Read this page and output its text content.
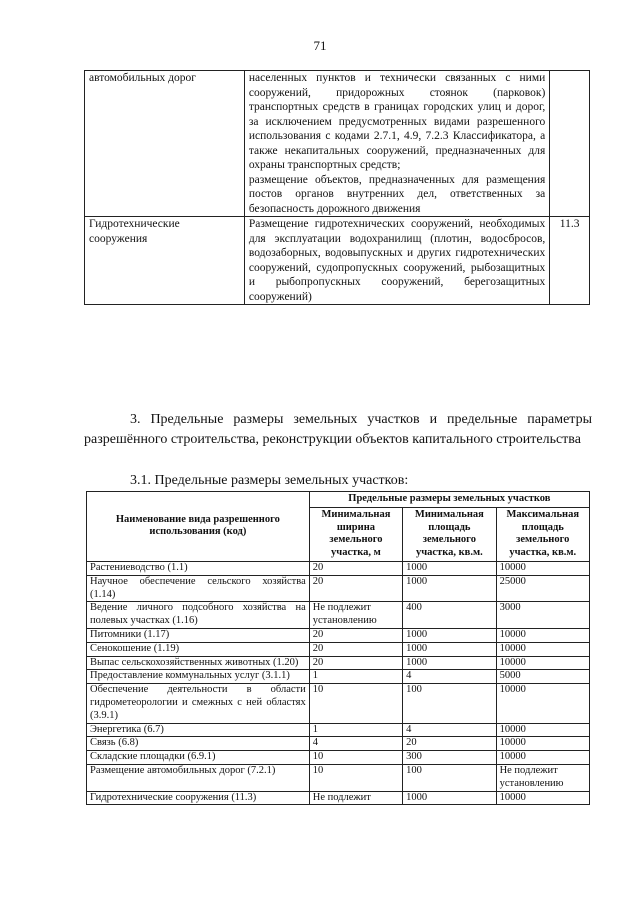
71
автомобильных дорог	населенных пунктов и технически связанных с ними сооружений, придорожных стоянок (парковок) транспортных средств в границах городских улиц и дорог, за исключением предусмотренных видами разрешенного использования с кодами 2.7.1, 4.9, 7.2.3 Классификатора, а также некапитальных сооружений, предназначенных для охраны транспортных средств;
размещение объектов, предназначенных для размещения постов органов внутренних дел, ответственных за безопасность дорожного движения	

Гидротехнические сооружения	Размещение гидротехнических сооружений, необходимых для эксплуатации водохранилищ (плотин, водосбросов, водозаборных, водовыпускных и других гидротехнических сооружений, судопропускных сооружений, рыбозащитных и рыбопропускных сооружений, берегозащитных сооружений)	11.3
3. Предельные размеры земельных участков и предельные параметры разрешённого строительства, реконструкции объектов капитального строительства
3.1. Предельные размеры земельных участков:
Наименование вида разрешенного использования (код)	Предельные размеры земельных участков		
	Минимальная ширина земельного участка, м	Минимальная площадь земельного участка, кв.м.	Максимальная площадь земельного участка, кв.м.
Растениеводство (1.1)	20	1000	10000
Научное обеспечение сельского хозяйства (1.14)	20	1000	25000
Ведение личного подсобного хозяйства на полевых участках (1.16)	Не подлежит установлению	400	3000
Питомники (1.17)	20	1000	10000
Сенокошение (1.19)	20	1000	10000
Выпас сельскохозяйственных животных (1.20)	20	1000	10000
Предоставление коммунальных услуг (3.1.1)	1	4	5000
Обеспечение деятельности в области гидрометеорологии и смежных с ней областях (3.9.1)	10	100	10000
Энергетика (6.7)	1	4	10000
Связь (6.8)	4	20	10000
Складские площадки (6.9.1)	10	300	10000
Размещение автомобильных дорог (7.2.1)	10	100	Не подлежит установлению
Гидротехнические сооружения (11.3)	Не подлежит	1000	10000
